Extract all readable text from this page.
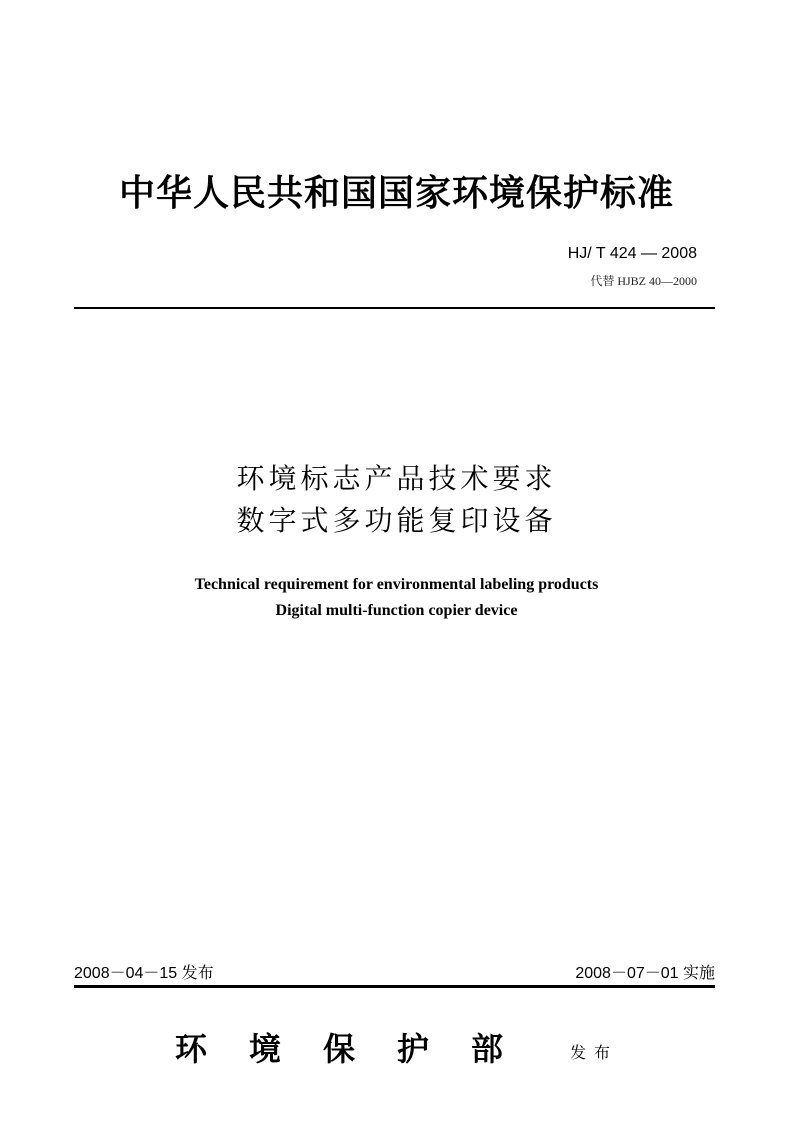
中华人民共和国国家环境保护标准
HJ/ T 424 — 2008
代替 HJBZ 40—2000
环境标志产品技术要求
数字式多功能复印设备
Technical requirement for environmental labeling products
Digital multi-function copier device
2008－04－15 发布	2008－07－01 实施
环境保护部 发布
